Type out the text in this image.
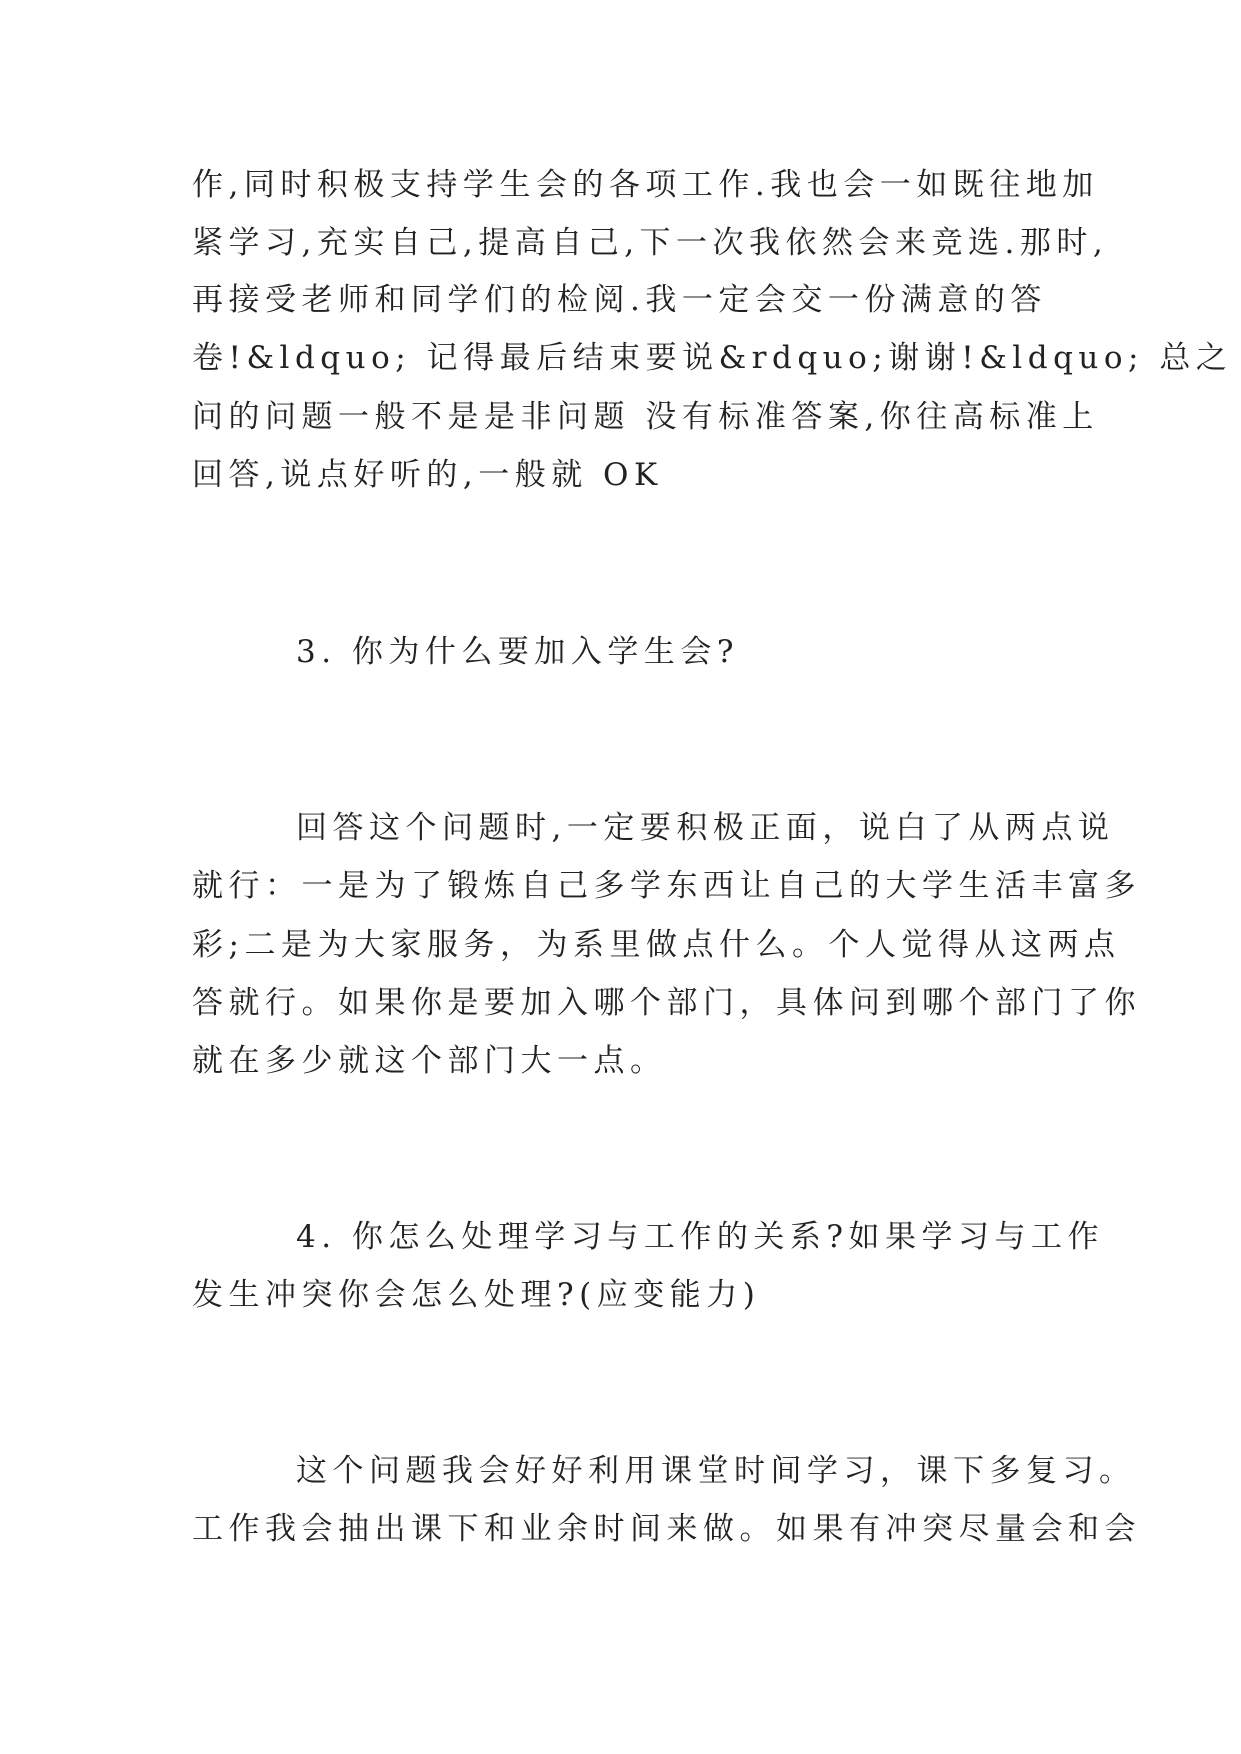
作,同时积极支持学生会的各项工作.我也会一如既往地加

紧学习,充实自己,提高自己,下一次我依然会来竞选.那时,

再接受老师和同学们的检阅.我一定会交一份满意的答

卷!&ldquo; 记得最后结束要说&rdquo;谢谢!&ldquo; 总之

问的问题一般不是是非问题 没有标准答案,你往高标准上

回答,说点好听的,一般就 OK

3. 你为什么要加入学生会?

回答这个问题时,一定要积极正面，说白了从两点说

就行：一是为了锻炼自己多学东西让自己的大学生活丰富多

彩;二是为大家服务，为系里做点什么。个人觉得从这两点

答就行。如果你是要加入哪个部门，具体问到哪个部门了你

就在多少就这个部门大一点。

4. 你怎么处理学习与工作的关系?如果学习与工作

发生冲突你会怎么处理?(应变能力)

这个问题我会好好利用课堂时间学习，课下多复习。

工作我会抽出课下和业余时间来做。如果有冲突尽量会和会
